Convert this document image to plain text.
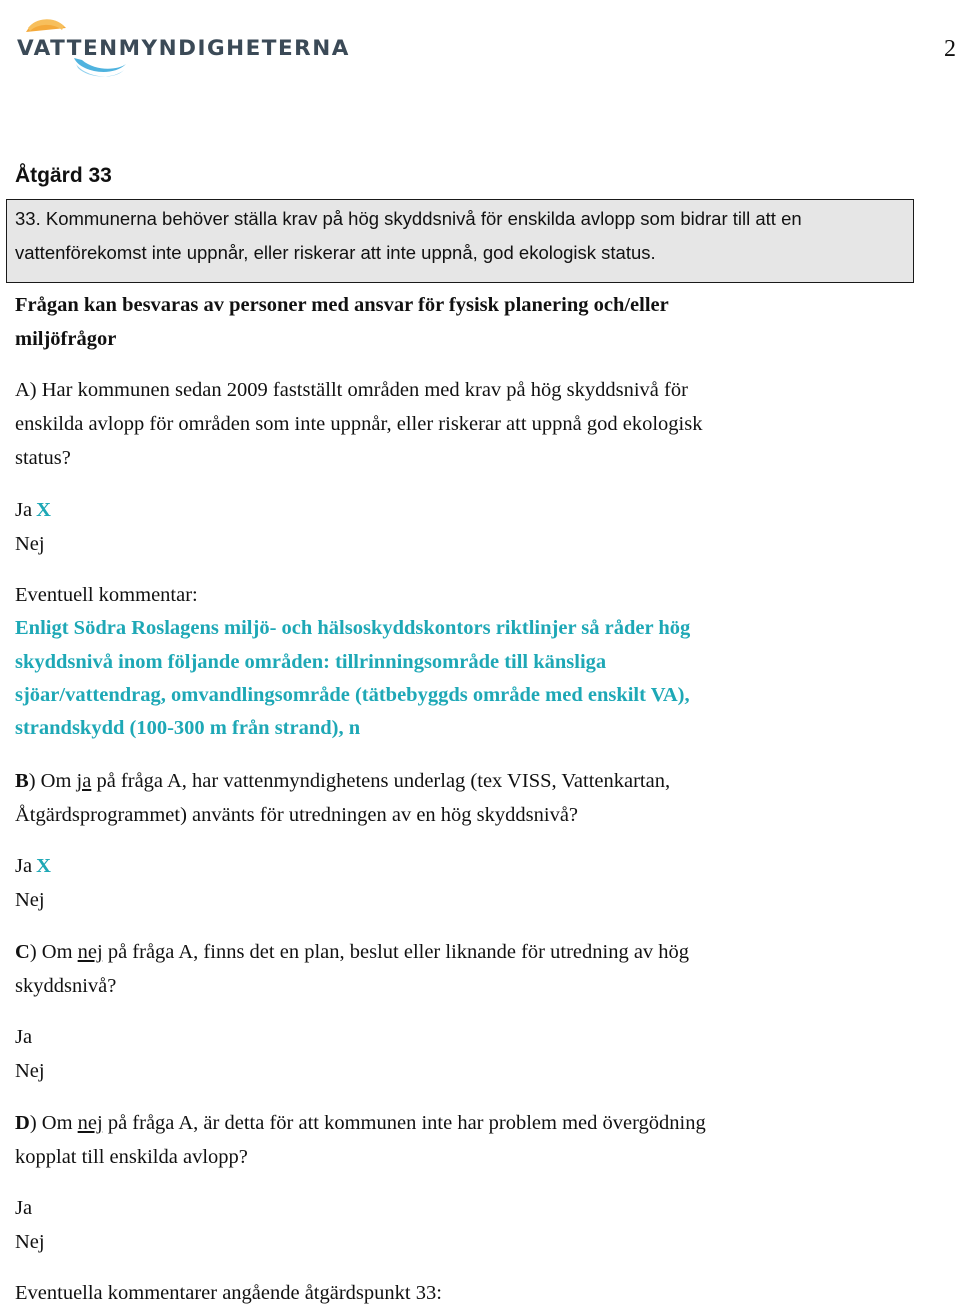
VATTENMYNDIGHETERNA	2
Åtgärd 33

33. Kommunerna behöver ställa krav på hög skyddsnivå för enskilda avlopp som bidrar till att en

vattenförekomst inte uppnår, eller riskerar att inte uppnå, god ekologisk status.

Frågan kan besvaras av personer med ansvar för fysisk planering och/eller

miljöfrågor

A) Har kommunen sedan 2009 fastställt områden med krav på hög skyddsnivå för

enskilda avlopp för områden som inte uppnår, eller riskerar att uppnå god ekologisk

status?

Ja X

Nej

Eventuell kommentar:

Enligt Södra Roslagens miljö- och hälsoskyddskontors riktlinjer så råder hög

skyddsnivå inom följande områden: tillrinningsområde till känsliga

sjöar/vattendrag, omvandlingsområde (tätbebyggds område med enskilt VA),

strandskydd (100-300 m från strand), n

B) Om ja på fråga A, har vattenmyndighetens underlag (tex VISS, Vattenkartan,

Åtgärdsprogrammet) använts för utredningen av en hög skyddsnivå?

Ja X

Nej

C) Om nej på fråga A, finns det en plan, beslut eller liknande för utredning av hög

skyddsnivå?

Ja

Nej

D) Om nej på fråga A, är detta för att kommunen inte har problem med övergödning

kopplat till enskilda avlopp?

Ja

Nej

Eventuella kommentarer angående åtgärdspunkt 33:
